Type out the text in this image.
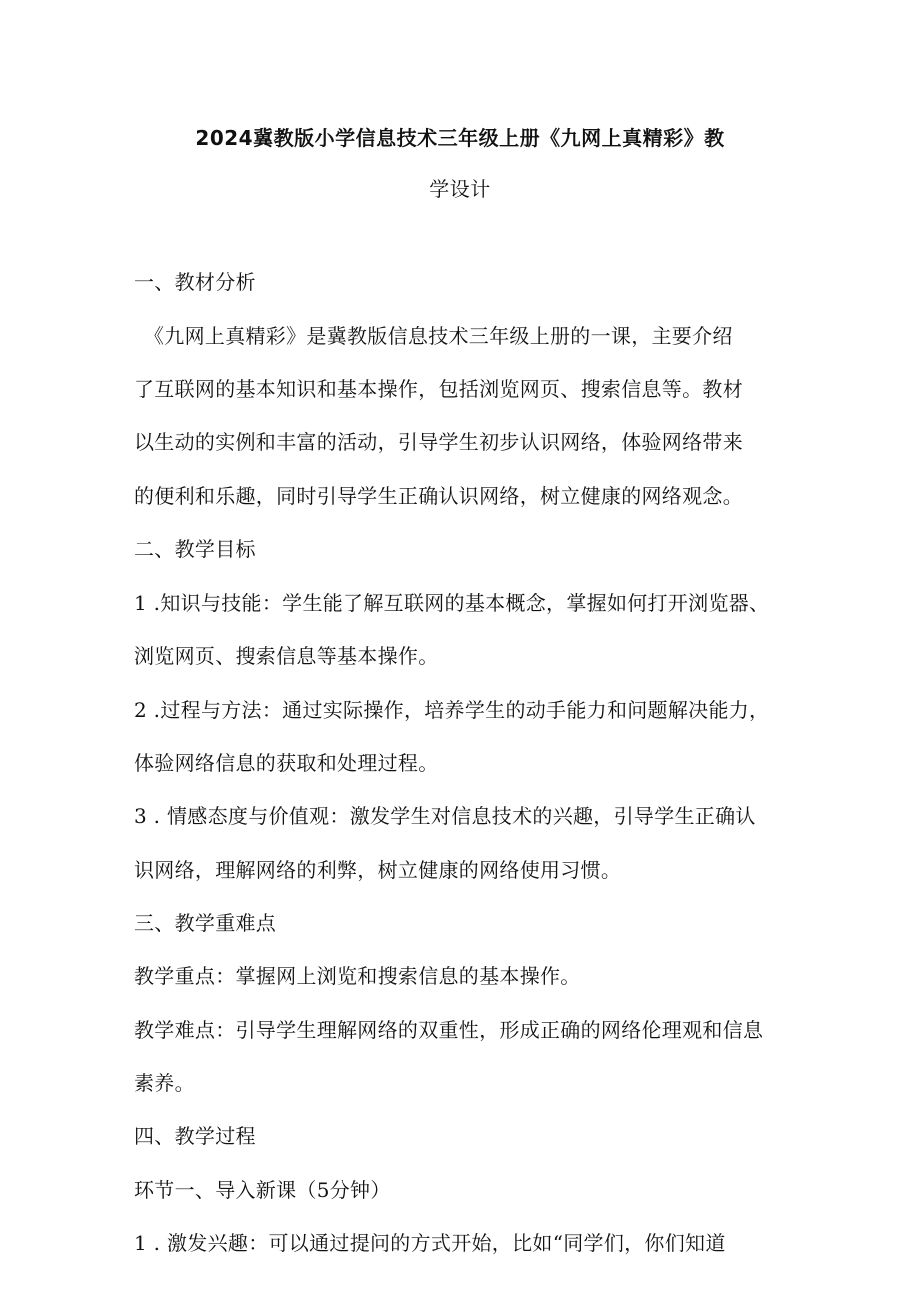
2024冀教版小学信息技术三年级上册《九网上真精彩》教
学设计
一、教材分析
《九网上真精彩》是冀教版信息技术三年级上册的一课，主要介绍
了互联网的基本知识和基本操作，包括浏览网页、搜索信息等。教材
以生动的实例和丰富的活动，引导学生初步认识网络，体验网络带来
的便利和乐趣，同时引导学生正确认识网络，树立健康的网络观念。
二、教学目标
1 .知识与技能：学生能了解互联网的基本概念，掌握如何打开浏览器、
浏览网页、搜索信息等基本操作。
2 .过程与方法：通过实际操作，培养学生的动手能力和问题解决能力，
体验网络信息的获取和处理过程。
3 . 情感态度与价值观：激发学生对信息技术的兴趣，引导学生正确认
识网络，理解网络的利弊，树立健康的网络使用习惯。
三、教学重难点
教学重点：掌握网上浏览和搜索信息的基本操作。
教学难点：引导学生理解网络的双重性，形成正确的网络伦理观和信息
素养。
四、教学过程
环节一、导入新课（5分钟）
1 . 激发兴趣：可以通过提问的方式开始，比如“同学们，你们知道
